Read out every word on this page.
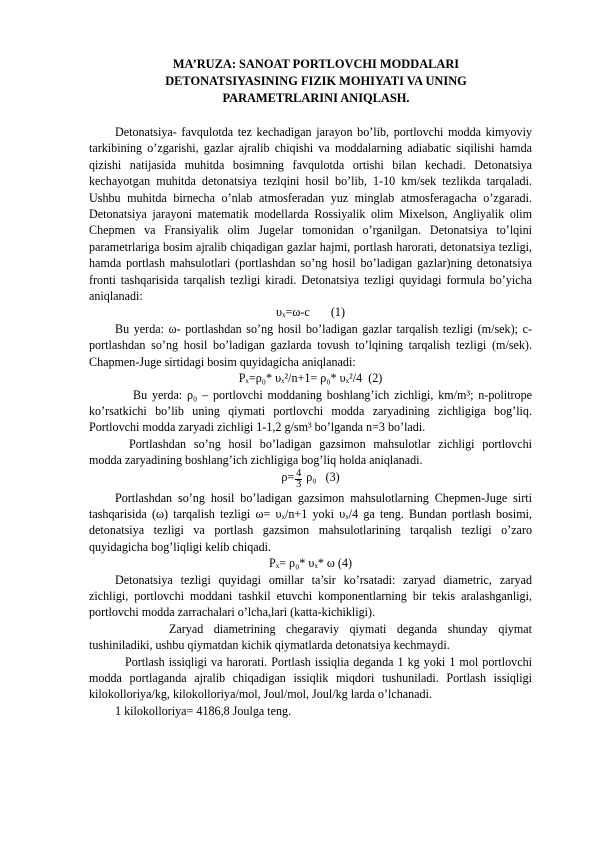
MA’RUZA: SANOAT PORTLOVCHI MODDALARI
DETONATSIYASINING FIZIK MOHIYATI VA UNING
PARAMETRLARINI ANIQLASH.

Detonatsiya- favqulotda tez kechadigan jarayon bo’lib, portlovchi modda kimyoviy tarkibining o’zgarishi, gazlar ajralib chiqishi va moddalarning adiabatic siqilishi hamda qizishi natijasida muhitda bosimning favqulotda ortishi bilan kechadi. Detonatsiya kechayotgan muhitda detonatsiya tezlqini hosil bo’lib, 1-10 km/sek tezlikda tarqaladi. Ushbu muhitda birnecha o’nlab atmosferadan yuz minglab atmosferagacha o’zgaradi. Detonatsiya jarayoni matematik modellarda Rossiyalik olim Mixelson, Angliyalik olim Chepmen va Fransiyalik olim Jugelar tomonidan o’rganilgan. Detonatsiya to’lqini parametrlariga bosim ajralib chiqadigan gazlar hajmi, portlash harorati, detonatsiya tezligi, hamda portlash mahsulotlari (portlashdan so’ng hosil bo’ladigan gazlar)ning detonatsiya fronti tashqarisida tarqalish tezligi kiradi. Detonatsiya tezligi quyidagi formula bo’yicha aniqlanadi:

υₓ=ω-c       (1)

Bu yerda: ω- portlashdan so’ng hosil bo’ladigan gazlar tarqalish tezligi (m/sek); c- portlashdan so’ng hosil bo’ladigan gazlarda tovush to’lqining tarqalish tezligi (m/sek). Chapmen-Juge sirtidagi bosim quyidagicha aniqlanadi:

Pₓ=ρ₀* υₓ²/n+1= ρ₀* υₓ²/4  (2)

Bu yerda: ρ₀ – portlovchi moddaning boshlang’ich zichligi, km/m³; n-politrope ko’rsatkichi bo’lib uning qiymati portlovchi modda zaryadining zichligiga bog’liq. Portlovchi modda zaryadi zichligi 1-1,2 g/sm³ bo’lganda n=3 bo’ladi.

Portlashdan so’ng hosil bo’ladigan gazsimon mahsulotlar zichligi portlovchi modda zaryadining boshlang’ich zichligiga bog’liq holda aniqlanadi.

$\rho= \frac{4}{3} \rho_0$   (3)

Portlashdan so’ng hosil bo’ladigan gazsimon mahsulotlarning Chepmen-Juge sirti tashqarisida (ω) tarqalish tezligi ω= υₓ/n+1 yoki υₓ/4 ga teng. Bundan portlash bosimi, detonatsiya tezligi va portlash gazsimon mahsulotlarining tarqalish tezligi o’zaro quyidagicha bog’liqligi kelib chiqadi.

Pₓ= ρ₀* υₓ* ω (4)

Detonatsiya tezligi quyidagi omillar ta’sir ko’rsatadi: zaryad diametric, zaryad zichligi, portlovchi moddani tashkil etuvchi komponentlarning bir tekis aralashganligi, portlovchi modda zarrachalari o’lcha,lari (katta-kichikligi).

Zaryad diametrining chegaraviy qiymati deganda shunday qiymat tushiniladiki, ushbu qiymatdan kichik qiymatlarda detonatsiya kechmaydi.

Portlash issiqligi va harorati. Portlash issiqlia deganda 1 kg yoki 1 mol portlovchi modda portlaganda ajralib chiqadigan issiqlik miqdori tushuniladi. Portlash issiqligi kilokolloriya/kg, kilokolloriya/mol, Joul/mol, Joul/kg larda o’lchanadi.

1 kilokolloriya= 4186,8 Joulga teng.
